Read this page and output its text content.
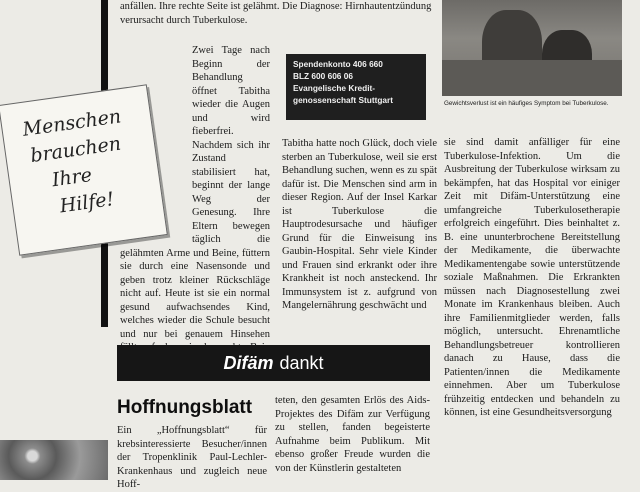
anfällen. Ihre rechte Seite ist gelähmt. Die Diagnose: Hirnhautentzündung verursacht durch Tuberkulose.
Gewichtsverlust ist ein häufiges Symptom bei Tuberkulose.

Zwei Tage nach Beginn der Behandlung öffnet Tabitha wieder die Augen und wird fieberfrei. Nachdem sich ihr Zustand stabilisiert hat, beginnt der lange Weg der Genesung. Ihre Eltern bewegen täglich die gelähmten Arme und Beine, füttern sie durch eine Nasensonde und geben trotz kleiner Rückschläge nicht auf. Heute ist sie ein normal gesund aufwachsendes Kind, welches wieder die Schule besucht und nur bei genauem Hinsehen

Spendenkonto 406 660
BLZ 600 606 06
Evangelische Kredit-
genossenschaft Stuttgart

Tabitha hatte noch Glück, doch viele sterben an Tuberkulose, weil sie erst Behandlung suchen, wenn es zu spät dafür ist. Die Menschen sind arm in dieser Region. Auf der Insel Karkar ist Tuberkulose die Hauptrodesursache und häufiger Grund für die Einweisung ins Gaubin-Hospital. Sehr viele Kinder und Frauen sind erkrankt oder ihre Krankheit ist noch ansteckend. Ihr Immunsystem ist z. aufgrund von Mangelernährung geschwächt und

sie sind damit anfälliger für eine Tuberkulose-Infektion. Um die Ausbreitung der Tuberkulose wirksam zu bekämpfen, hat das Hospital vor einiger Zeit mit Difäm-Unterstützung eine umfangreiche Tuberkulosetherapie erfolgreich eingeführt. Dies beinhaltet z. B. eine ununterbrochene Bereitstellung der Medikamente, die überwachte Medikamentengabe sowie unterstützende soziale Maßnahmen. Die Erkrankten müssen nach Diagnosestellung zwei Monate im Krankenhaus bleiben. Auch ihre Familienmitglieder werden, falls möglich, untersucht. Ehrenamtliche Behandlungsbetreuer kontrollieren danach zu Hause, dass die Patienten/innen die Medikamente einnehmen. Aber um Tuberkulose frühzeitig entdecken und behandeln zu können, ist eine Gesundheitsversorgung

Menschen
brauchen
Ihre
Hilfe!
Difäm dankt
Hoffnungsblatt
Ein „Hoffnungsblatt“ für krebsinteressierte Besucher/innen der Tropenklinik Paul-Lechler-Krankenhaus und zugleich neue Hoff-
teten, den gesamten Erlös des Aids-Projektes des Difäm zur Verfügung zu stellen, fanden begeisterte Aufnahme beim Publikum. Mit ebenso großer Freude wurden die von der Künstlerin gestalteten
